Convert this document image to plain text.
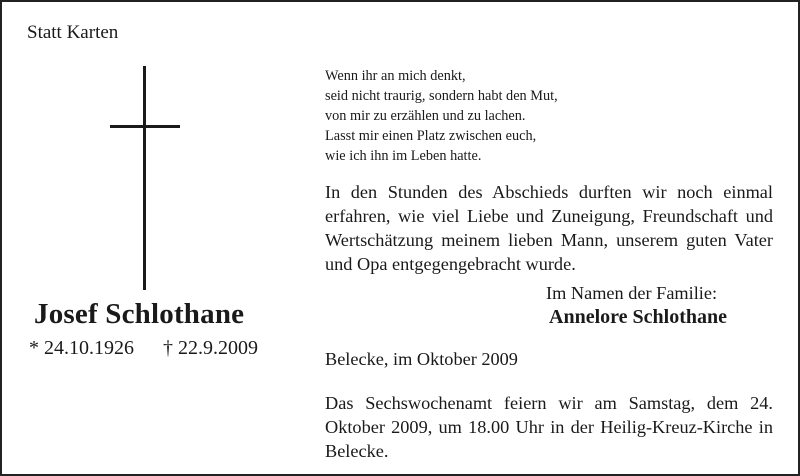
Statt Karten
Josef Schlothane
* 24.10.1926 † 22.9.2009
Wenn ihr an mich denkt,
seid nicht traurig, sondern habt den Mut,
von mir zu erzählen und zu lachen.
Lasst mir einen Platz zwischen euch,
wie ich ihn im Leben hatte.
In den Stunden des Abschieds durften wir noch einmal erfahren, wie viel Liebe und Zuneigung, Freundschaft und Wertschätzung meinem lieben Mann, unserem guten Vater und Opa entgegengebracht wurde.
Im Namen der Familie:
Annelore Schlothane
Belecke, im Oktober 2009
Das Sechswochenamt feiern wir am Samstag, dem 24. Oktober 2009, um 18.00 Uhr in der Heilig-Kreuz-Kirche in Belecke.
